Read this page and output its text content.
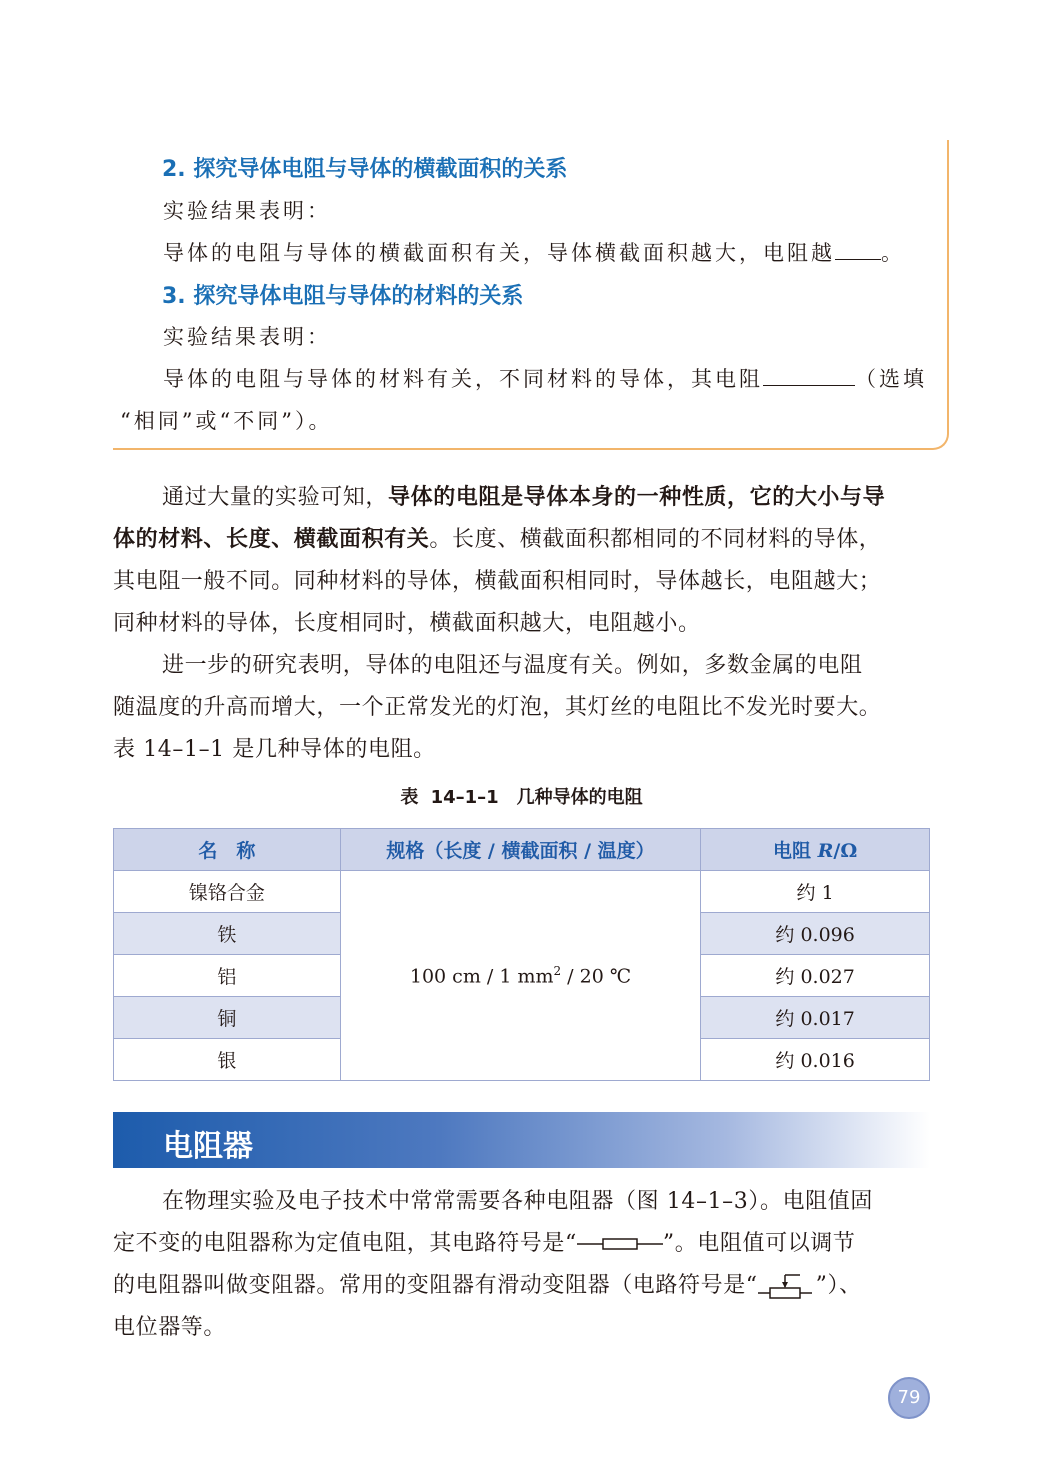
2. 探究导体电阻与导体的横截面积的关系
实验结果表明：
导体的电阻与导体的横截面积有关，导体横截面积越大，电阻越 。
3. 探究导体电阻与导体的材料的关系
实验结果表明：
导体的电阻与导体的材料有关，不同材料的导体，其电阻	（选填
“相同”或“不同”）。
通过大量的实验可知，导体的电阻是导体本身的一种性质，它的大小与导
体的材料、长度、横截面积有关。长度、横截面积都相同的不同材料的导体，
其电阻一般不同。同种材料的导体，横截面积相同时，导体越长，电阻越大；
同种材料的导体，长度相同时，横截面积越大，电阻越小。
进一步的研究表明，导体的电阻还与温度有关。例如，多数金属的电阻
随温度的升高而增大，一个正常发光的灯泡，其灯丝的电阻比不发光时要大。
表 14–1–1 是几种导体的电阻。
表 14–1–1　几种导体的电阻
名　称	规格（长度 / 横截面积 / 温度）	电阻 R/Ω
镍铬合金	100 cm / 1 $mm^2 / 20$ ℃	约 1
铁		约 0.096
铝		约 0.027
铜		约 0.017
银		约 0.016
电阻器
在物理实验及电子技术中常常需要各种电阻器（图 14–1–3）。电阻值固
定不变的电阻器称为定值电阻，其电路符号是“	”。电阻值可以调节
的电阻器叫做变阻器。常用的变阻器有滑动变阻器（电路符号是“	”）、
电位器等。
79
